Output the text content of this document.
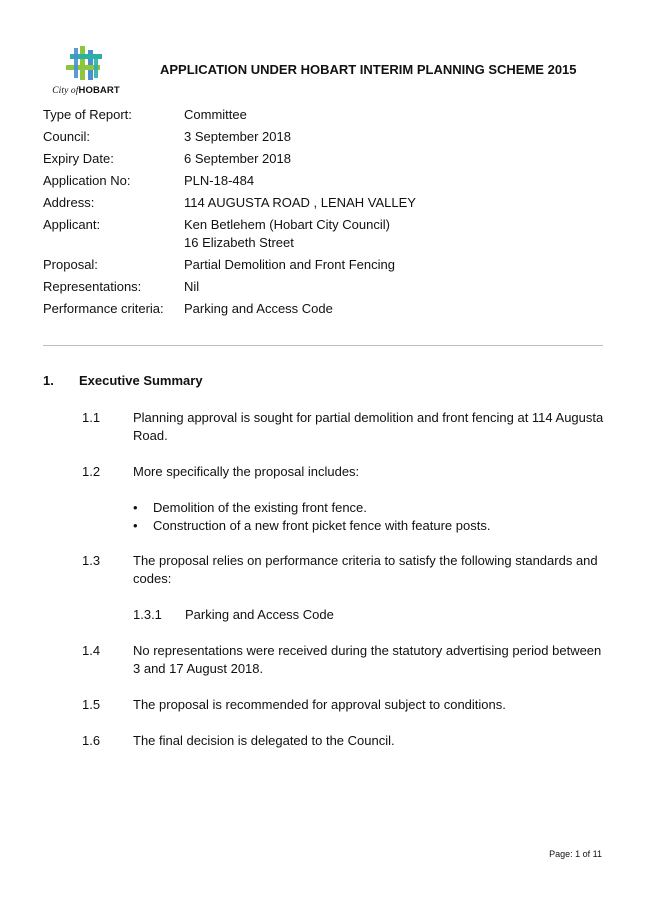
City ofHOBART
APPLICATION UNDER HOBART INTERIM PLANNING SCHEME 2015
Type of Report:	Committee
Council:	3 September 2018
Expiry Date:	6 September 2018
Application No:	PLN-18-484
Address:	114 AUGUSTA ROAD , LENAH VALLEY
Applicant:	Ken Betlehem (Hobart City Council)
16 Elizabeth Street
Proposal:	Partial Demolition and Front Fencing
Representations:	Nil
Performance criteria:	Parking and Access Code
1. Executive Summary
1.1	Planning approval is sought for partial demolition and front fencing at 114 Augusta Road.
1.2	More specifically the proposal includes:
•	Demolition of the existing front fence.
•	Construction of a new front picket fence with feature posts.
1.3	The proposal relies on performance criteria to satisfy the following standards and codes:
1.3.1	Parking and Access Code
1.4	No representations were received during the statutory advertising period between 3 and 17 August 2018.
1.5	The proposal is recommended for approval subject to conditions.
1.6	The final decision is delegated to the Council.
Page: 1 of 11
